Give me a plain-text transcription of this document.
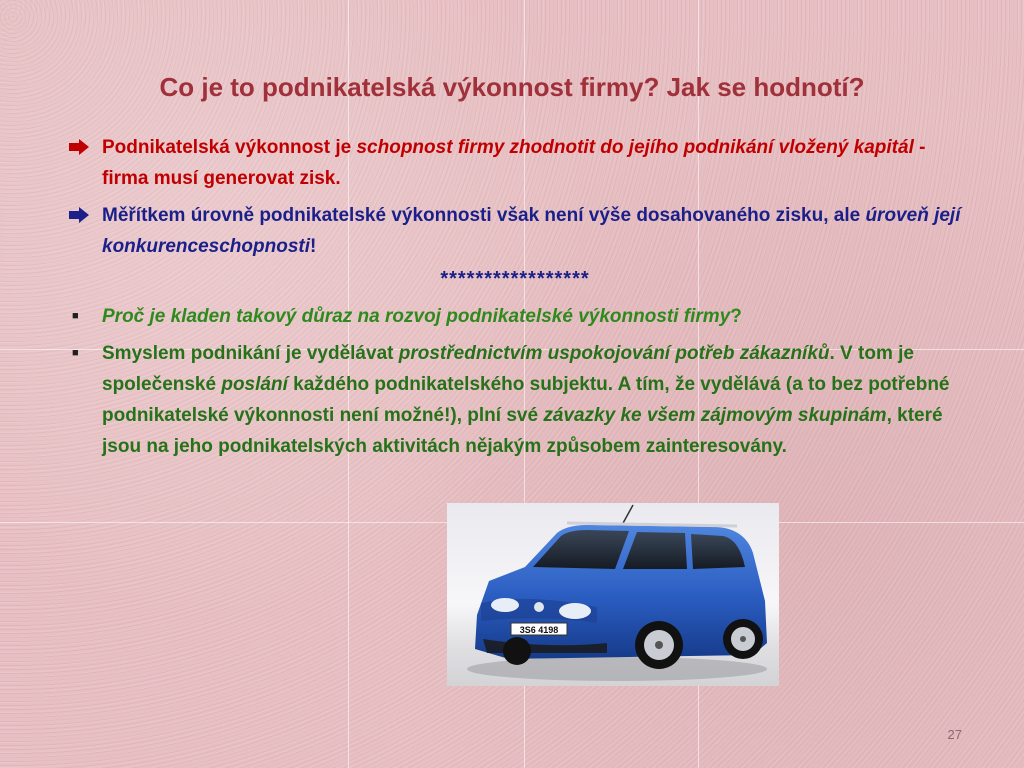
Co je to podnikatelská výkonnost firmy? Jak se hodnotí?
Podnikatelská výkonnost je schopnost firmy zhodnotit do jejího podnikání vložený kapitál - firma musí generovat zisk.
Měřítkem úrovně podnikatelské výkonnosti však není výše dosahovaného zisku, ale úroveň její konkurenceschopnosti!
*****************
■	Proč je kladen takový důraz na rozvoj podnikatelské výkonnosti firmy?
■	Smyslem podnikání je vydělávat prostřednictvím uspokojování potřeb zákazníků. V tom je společenské poslání každého podnikatelského subjektu. A tím, že vydělává (a to bez potřebné podnikatelské výkonnosti není možné!), plní své závazky ke všem zájmovým skupinám, které jsou na jeho podnikatelských aktivitách nějakým způsobem zainteresovány.
3S6 4198
27
